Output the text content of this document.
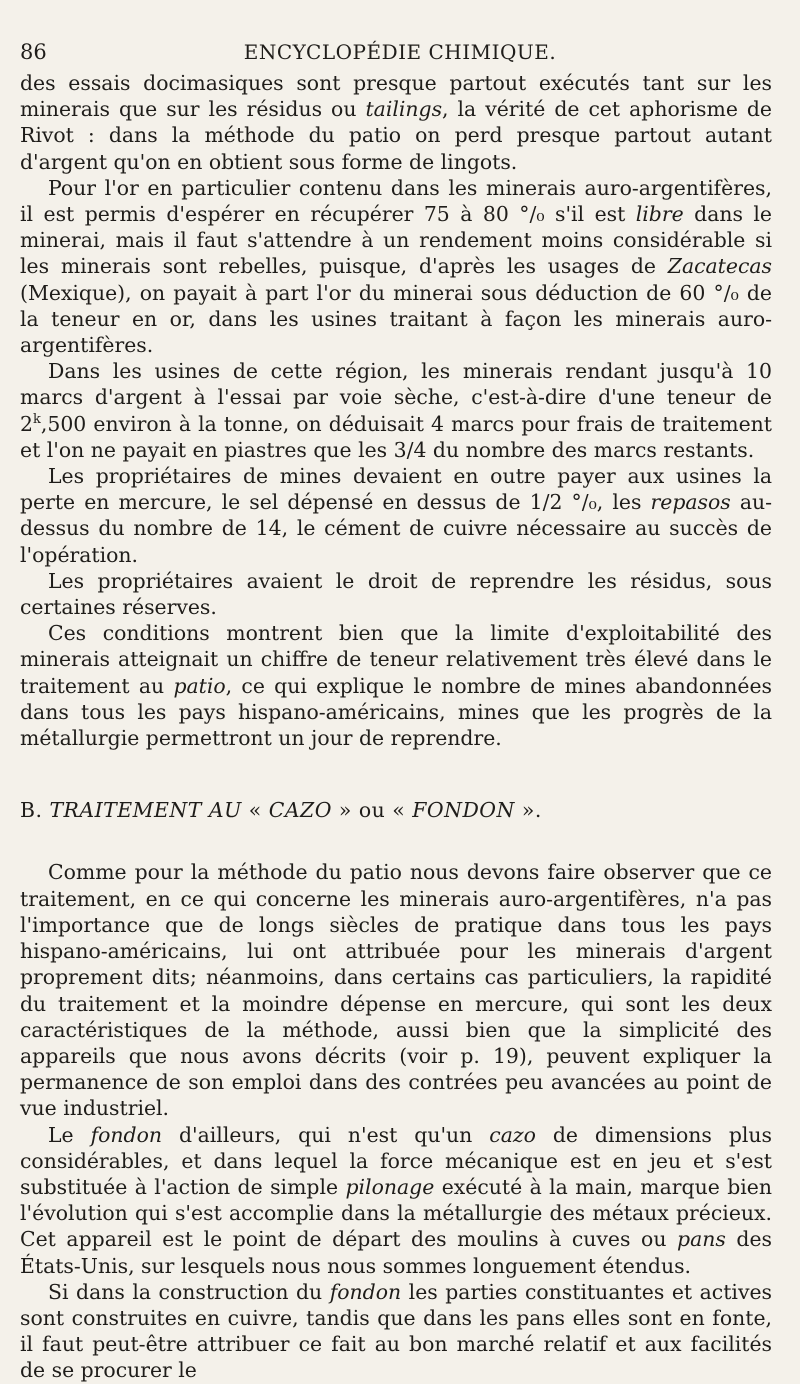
86	ENCYCLOPÉDIE CHIMIQUE.

des essais docimasiques sont presque partout exécutés tant sur les minerais que sur les résidus ou tailings, la vérité de cet aphorisme de Rivot : dans la méthode du patio on perd presque partout autant d'argent qu'on en obtient sous forme de lingots.

Pour l'or en particulier contenu dans les minerais auro-argentifères, il est permis d'espérer en récupérer 75 à 80 °/₀ s'il est libre dans le minerai, mais il faut s'attendre à un rendement moins considérable si les minerais sont rebelles, puisque, d'après les usages de Zacatecas (Mexique), on payait à part l'or du minerai sous déduction de 60 °/₀ de la teneur en or, dans les usines traitant à façon les minerais auro-argentifères.

Dans les usines de cette région, les minerais rendant jusqu'à 10 marcs d'argent à l'essai par voie sèche, c'est-à-dire d'une teneur de 2$^k$,500 environ à la tonne, on déduisait 4 marcs pour frais de traitement et l'on ne payait en piastres que les 3/4 du nombre des marcs restants.

Les propriétaires de mines devaient en outre payer aux usines la perte en mercure, le sel dépensé en dessus de 1/2 °/₀, les repasos au-dessus du nombre de 14, le cément de cuivre nécessaire au succès de l'opération.

Les propriétaires avaient le droit de reprendre les résidus, sous certaines réserves.

Ces conditions montrent bien que la limite d'exploitabilité des minerais atteignait un chiffre de teneur relativement très élevé dans le traitement au patio, ce qui explique le nombre de mines abandonnées dans tous les pays hispano-américains, mines que les progrès de la métallurgie permettront un jour de reprendre.

B. TRAITEMENT AU « CAZO » ou « FONDON ».

Comme pour la méthode du patio nous devons faire observer que ce traitement, en ce qui concerne les minerais auro-argentifères, n'a pas l'importance que de longs siècles de pratique dans tous les pays hispano-américains, lui ont attribuée pour les minerais d'argent proprement dits; néanmoins, dans certains cas particuliers, la rapidité du traitement et la moindre dépense en mercure, qui sont les deux caractéristiques de la méthode, aussi bien que la simplicité des appareils que nous avons décrits (voir p. 19), peuvent expliquer la permanence de son emploi dans des contrées peu avancées au point de vue industriel.

Le fondon d'ailleurs, qui n'est qu'un cazo de dimensions plus considérables, et dans lequel la force mécanique est en jeu et s'est substituée à l'action de simple pilonage exécuté à la main, marque bien l'évolution qui s'est accomplie dans la métallurgie des métaux précieux. Cet appareil est le point de départ des moulins à cuves ou pans des États-Unis, sur lesquels nous nous sommes longuement étendus.

Si dans la construction du fondon les parties constituantes et actives sont construites en cuivre, tandis que dans les pans elles sont en fonte, il faut peut-être attribuer ce fait au bon marché relatif et aux facilités de se procurer le
